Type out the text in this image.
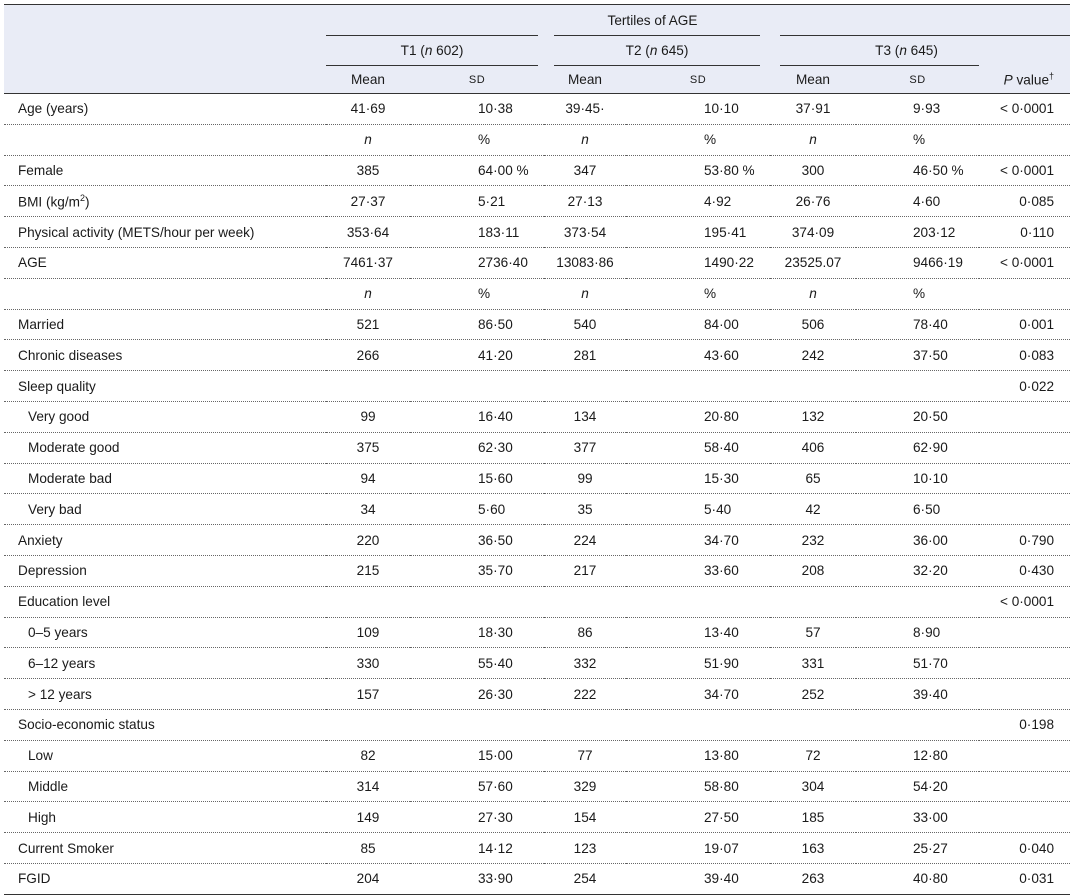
	Tertiles of AGE						

	T1 (n 602)		T2 (n 645)		T3 (n 645)		

	Mean	SD	Mean	SD	Mean	SD	P value†
Age (years)	41·69	10·38	39·45·	10·10	37·91	9·93	< 0·0001
	n	%	n	%	n	%	
Female	385	64·00 %	347	53·80 %	300	46·50 %	< 0·0001
BMI $(kg/m^2)$	27·37	5·21	27·13	4·92	26·76	4·60	0·085
Physical activity (METS/hour per week)	353·64	183·11	373·54	195·41	374·09	203·12	0·110
AGE	7461·37	2736·40	13083·86	1490·22	23525.07	9466·19	< 0·0001
	n	%	n	%	n	%	
Married	521	86·50	540	84·00	506	78·40	0·001
Chronic diseases	266	41·20	281	43·60	242	37·50	0·083
Sleep quality							0·022
Very good	99	16·40	134	20·80	132	20·50	
Moderate good	375	62·30	377	58·40	406	62·90	
Moderate bad	94	15·60	99	15·30	65	10·10	
Very bad	34	5·60	35	5·40	42	6·50	
Anxiety	220	36·50	224	34·70	232	36·00	0·790
Depression	215	35·70	217	33·60	208	32·20	0·430
Education level							< 0·0001
0–5 years	109	18·30	86	13·40	57	8·90	
6–12 years	330	55·40	332	51·90	331	51·70	
> 12 years	157	26·30	222	34·70	252	39·40	
Socio-economic status							0·198
Low	82	15·00	77	13·80	72	12·80	
Middle	314	57·60	329	58·80	304	54·20	
High	149	27·30	154	27·50	185	33·00	
Current Smoker	85	14·12	123	19·07	163	25·27	0·040
FGID	204	33·90	254	39·40	263	40·80	0·031
